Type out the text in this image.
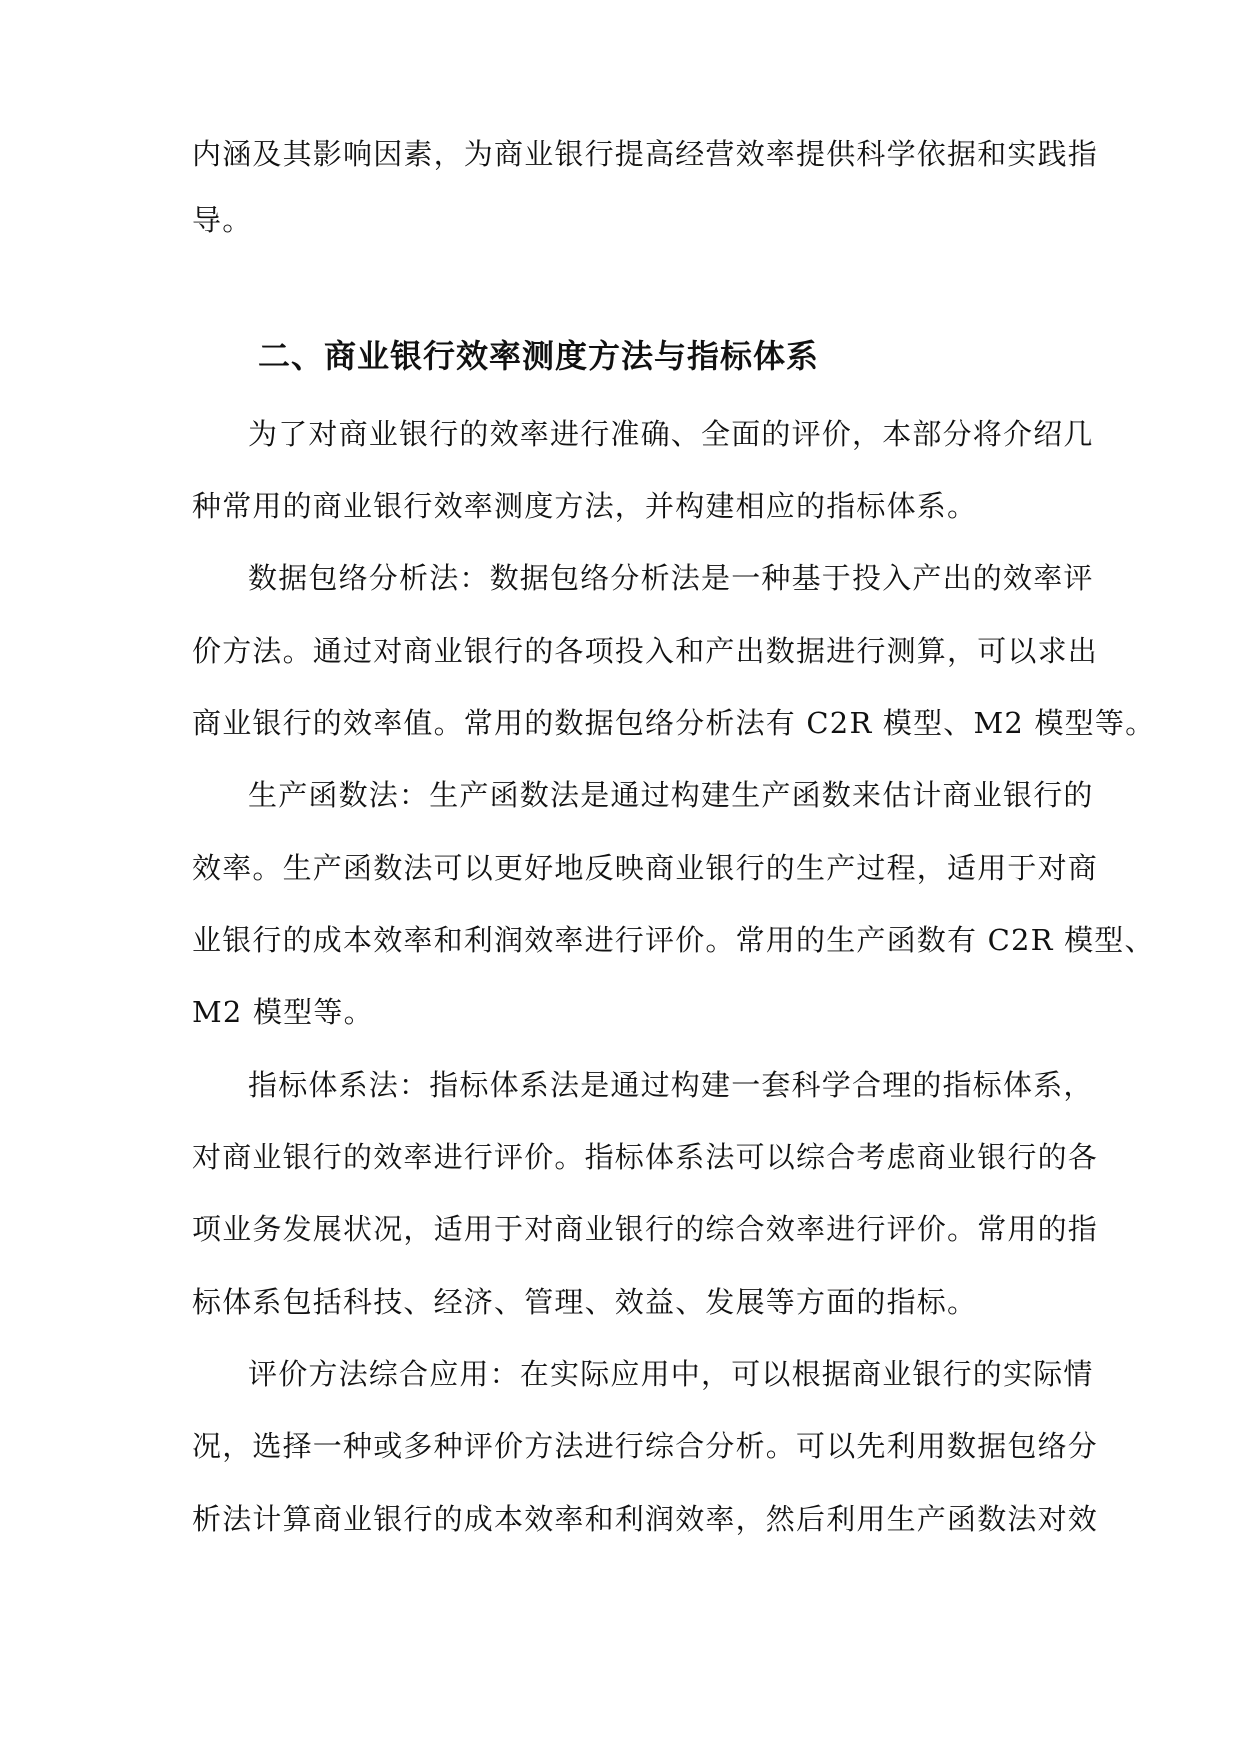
内涵及其影响因素，为商业银行提高经营效率提供科学依据和实践指
导。
二、商业银行效率测度方法与指标体系
为了对商业银行的效率进行准确、全面的评价，本部分将介绍几
种常用的商业银行效率测度方法，并构建相应的指标体系。
数据包络分析法：数据包络分析法是一种基于投入产出的效率评
价方法。通过对商业银行的各项投入和产出数据进行测算，可以求出
商业银行的效率值。常用的数据包络分析法有 C2R 模型、M2 模型等。
生产函数法：生产函数法是通过构建生产函数来估计商业银行的
效率。生产函数法可以更好地反映商业银行的生产过程，适用于对商
业银行的成本效率和利润效率进行评价。常用的生产函数有 C2R 模型、
M2 模型等。
指标体系法：指标体系法是通过构建一套科学合理的指标体系，
对商业银行的效率进行评价。指标体系法可以综合考虑商业银行的各
项业务发展状况，适用于对商业银行的综合效率进行评价。常用的指
标体系包括科技、经济、管理、效益、发展等方面的指标。
评价方法综合应用：在实际应用中，可以根据商业银行的实际情
况，选择一种或多种评价方法进行综合分析。可以先利用数据包络分
析法计算商业银行的成本效率和利润效率，然后利用生产函数法对效
